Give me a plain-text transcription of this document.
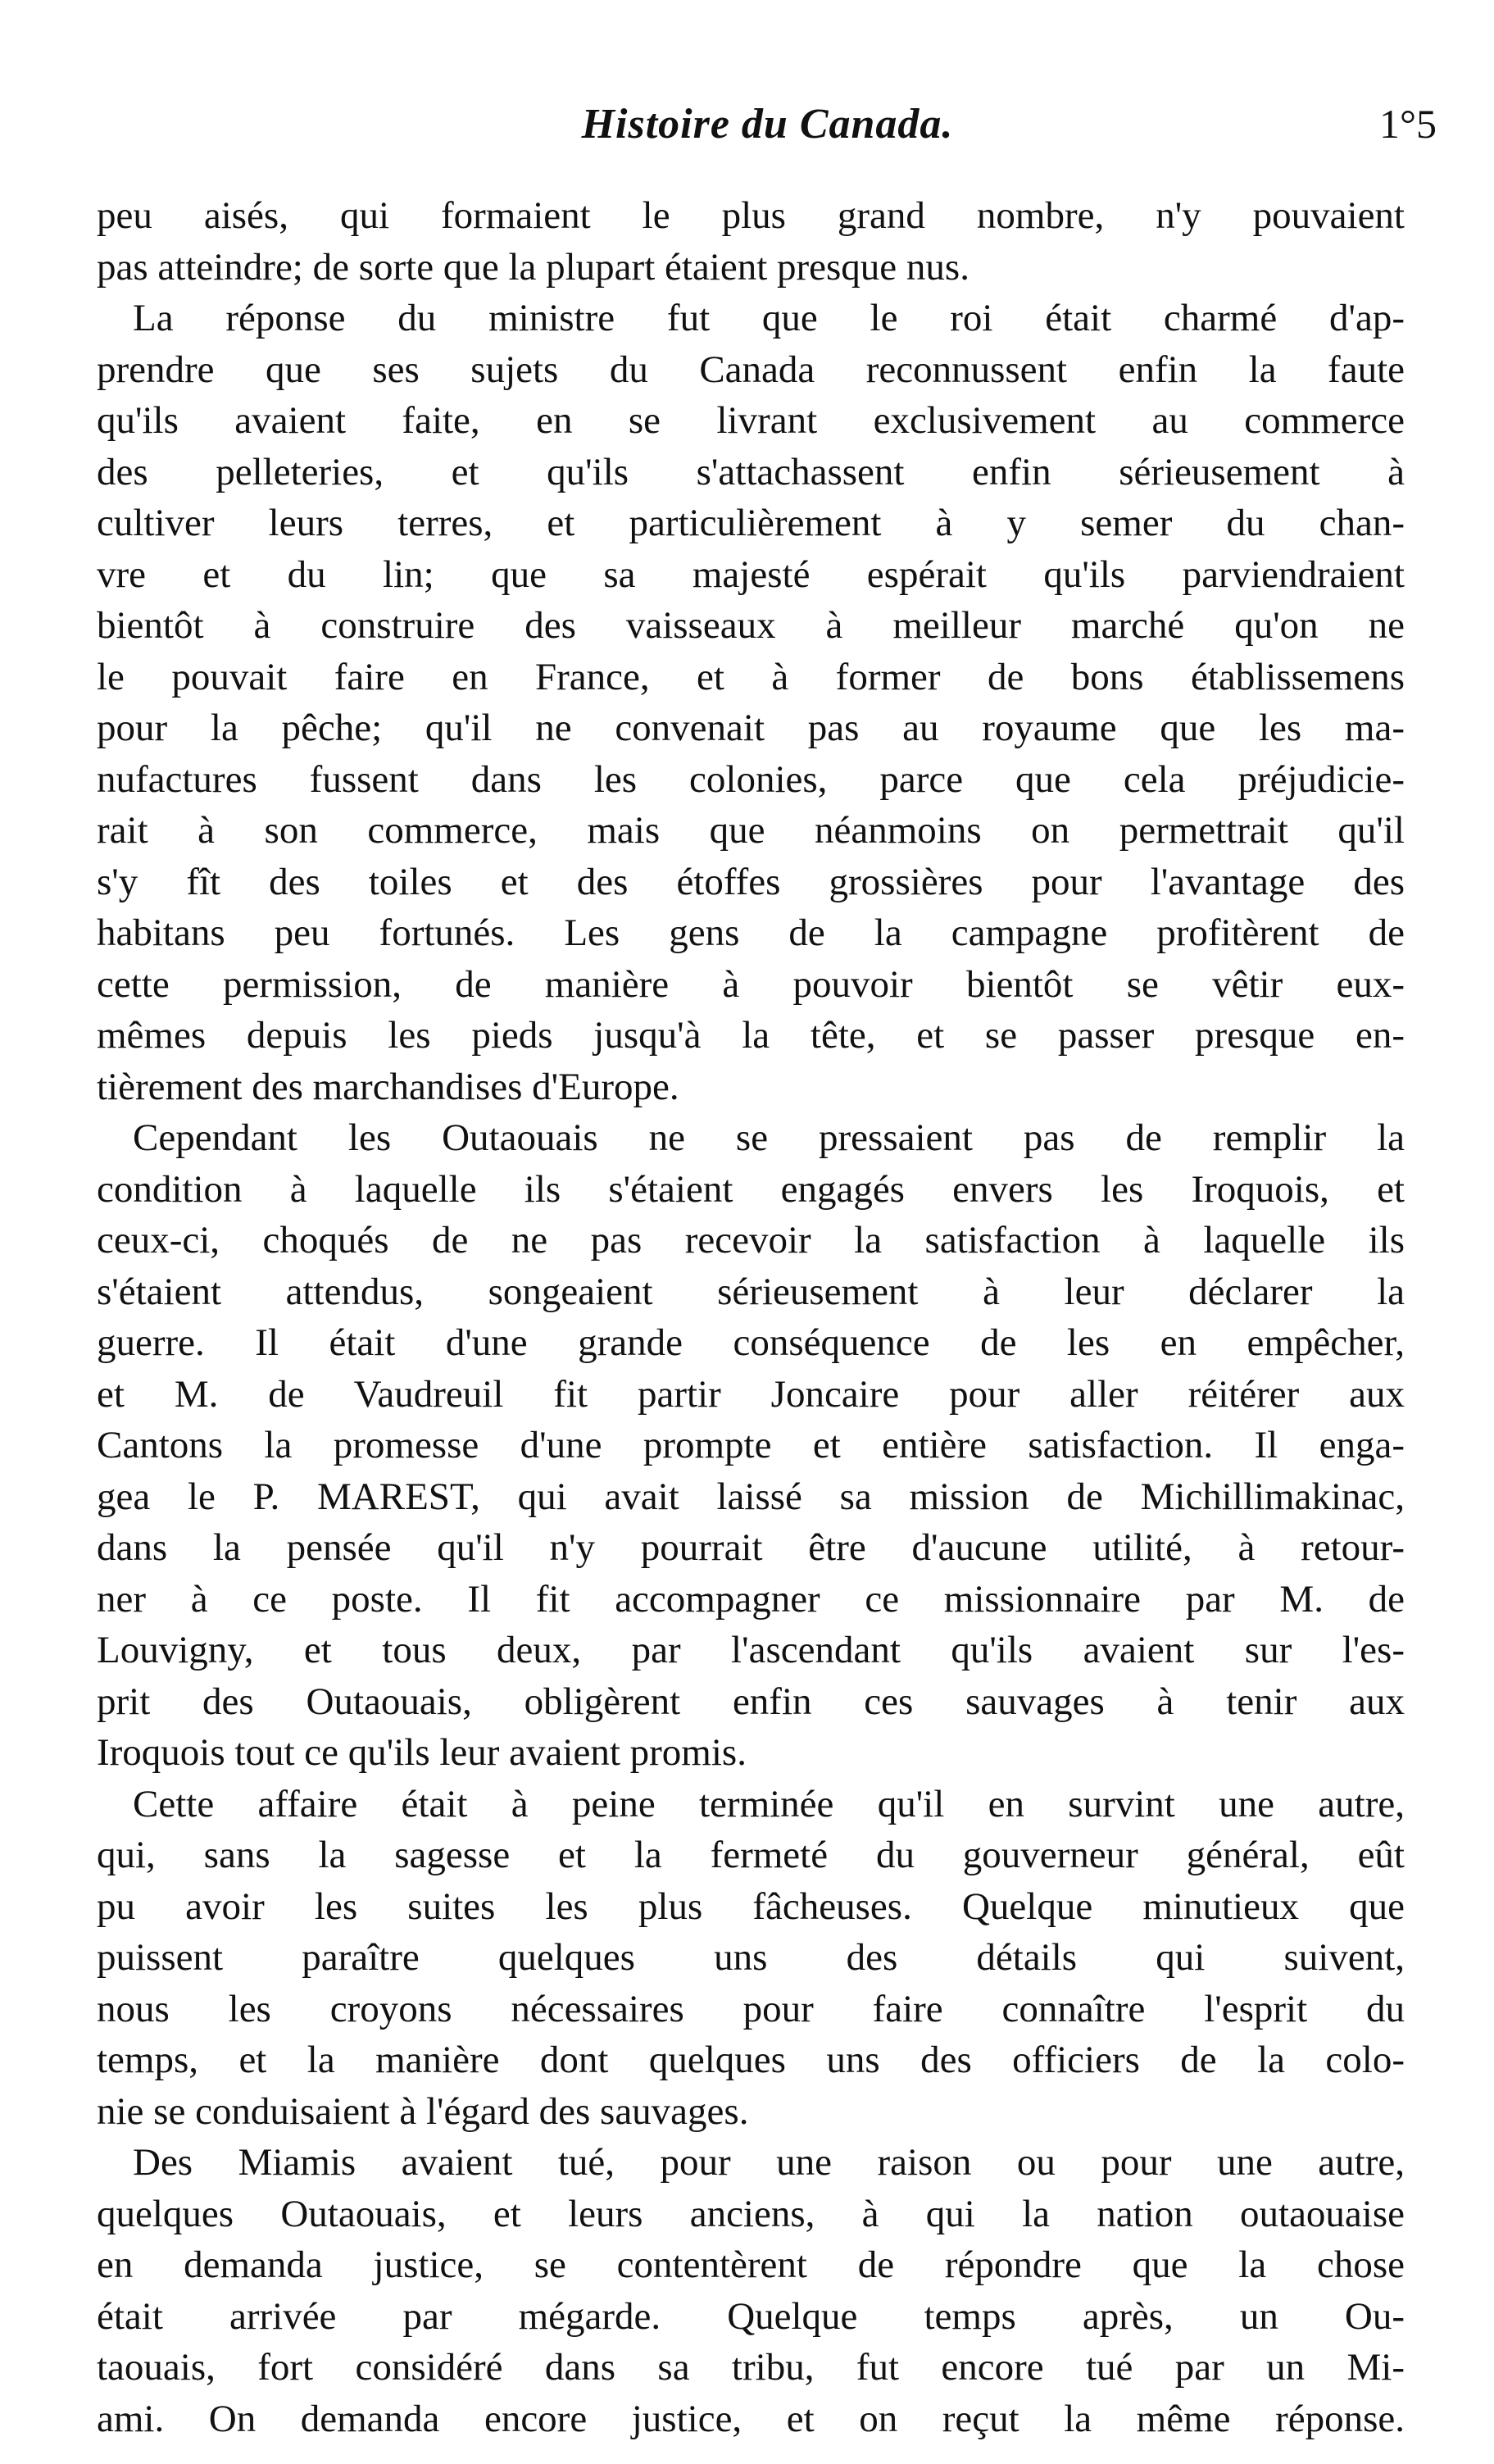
Histoire du Canada.	1°5
peu aisés, qui formaient le plus grand nombre, n'y pouvaient
pas atteindre; de sorte que la plupart étaient presque nus.
La réponse du ministre fut que le roi était charmé d'ap-
prendre que ses sujets du Canada reconnussent enfin la faute
qu'ils avaient faite, en se livrant exclusivement au commerce
des pelleteries, et qu'ils s'attachassent enfin sérieusement à
cultiver leurs terres, et particulièrement à y semer du chan-
vre et du lin; que sa majesté espérait qu'ils parviendraient
bientôt à construire des vaisseaux à meilleur marché qu'on ne
le pouvait faire en France, et à former de bons établissemens
pour la pêche; qu'il ne convenait pas au royaume que les ma-
nufactures fussent dans les colonies, parce que cela préjudicie-
rait à son commerce, mais que néanmoins on permettrait qu'il
s'y fît des toiles et des étoffes grossières pour l'avantage des
habitans peu fortunés. Les gens de la campagne profitèrent de
cette permission, de manière à pouvoir bientôt se vêtir eux-
mêmes depuis les pieds jusqu'à la tête, et se passer presque en-
tièrement des marchandises d'Europe.
Cependant les Outaouais ne se pressaient pas de remplir la
condition à laquelle ils s'étaient engagés envers les Iroquois, et
ceux-ci, choqués de ne pas recevoir la satisfaction à laquelle ils
s'étaient attendus, songeaient sérieusement à leur déclarer la
guerre. Il était d'une grande conséquence de les en empêcher,
et M. de Vaudreuil fit partir Joncaire pour aller réitérer aux
Cantons la promesse d'une prompte et entière satisfaction. Il enga-
gea le P. MAREST, qui avait laissé sa mission de Michillimakinac,
dans la pensée qu'il n'y pourrait être d'aucune utilité, à retour-
ner à ce poste. Il fit accompagner ce missionnaire par M. de
Louvigny, et tous deux, par l'ascendant qu'ils avaient sur l'es-
prit des Outaouais, obligèrent enfin ces sauvages à tenir aux
Iroquois tout ce qu'ils leur avaient promis.
Cette affaire était à peine terminée qu'il en survint une autre,
qui, sans la sagesse et la fermeté du gouverneur général, eût
pu avoir les suites les plus fâcheuses. Quelque minutieux que
puissent paraître quelques uns des détails qui suivent,
nous les croyons nécessaires pour faire connaître l'esprit du
temps, et la manière dont quelques uns des officiers de la colo-
nie se conduisaient à l'égard des sauvages.
Des Miamis avaient tué, pour une raison ou pour une autre,
quelques Outaouais, et leurs anciens, à qui la nation outaouaise
en demanda justice, se contentèrent de répondre que la chose
était arrivée par mégarde. Quelque temps après, un Ou-
taouais, fort considéré dans sa tribu, fut encore tué par un Mi-
ami. On demanda encore justice, et on reçut la même réponse.
